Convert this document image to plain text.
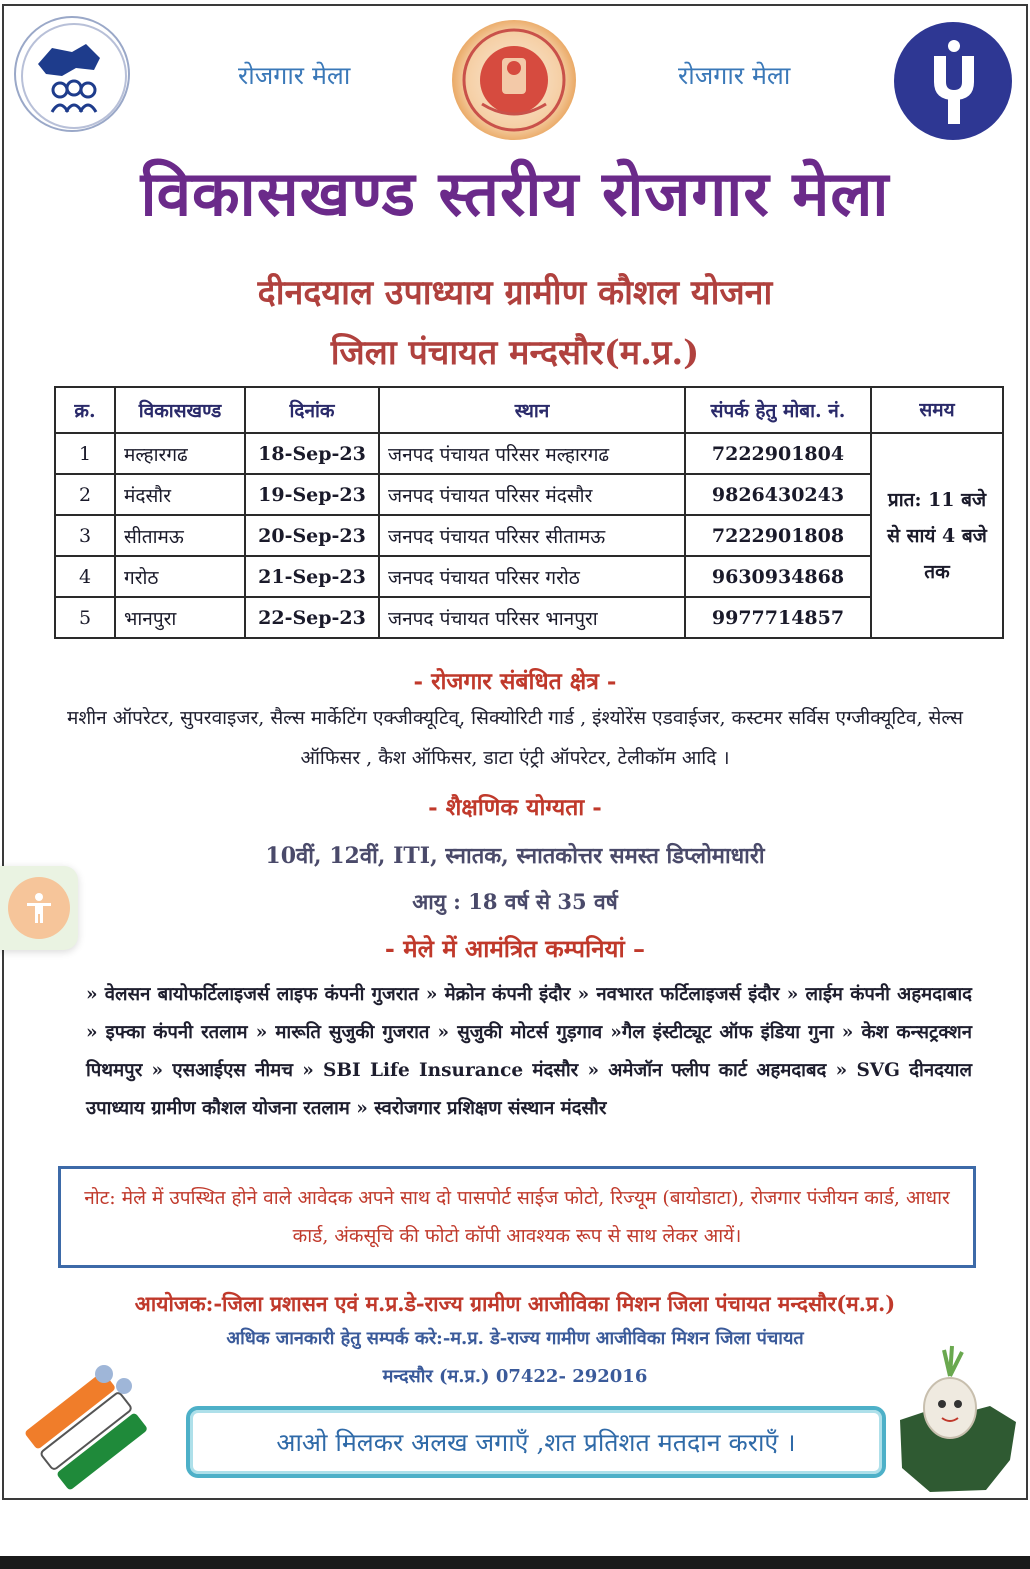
रोजगार मेला	रोजगार मेला
विकासखण्ड स्तरीय रोजगार मेला
दीनदयाल उपाध्याय ग्रामीण कौशल योजना
जिला पंचायत मन्दसौर(म.प्र.)
क्र.	विकासखण्ड	दिनांक	स्थान	संपर्क हेतु मोबा. नं.	समय
1	मल्हारगढ	18-Sep-23	जनपद पंचायत परिसर मल्हारगढ	7222901804	प्रात: 11 बजे से सायं 4 बजे तक
2	मंदसौर	19-Sep-23	जनपद पंचायत परिसर मंदसौर	9826430243	
3	सीतामऊ	20-Sep-23	जनपद पंचायत परिसर सीतामऊ	7222901808	
4	गरोठ	21-Sep-23	जनपद पंचायत परिसर गरोठ	9630934868	
5	भानपुरा	22-Sep-23	जनपद पंचायत परिसर भानपुरा	9977714857	
- रोजगार संबंधित क्षेत्र -
मशीन ऑपरेटर, सुपरवाइजर, सैल्स मार्केटिंग एक्जीक्यूटिव्, सिक्योरिटी गार्ड , इंश्योरेंस एडवाईजर, कस्टमर सर्विस एग्जीक्यूटिव, सेल्स ऑफिसर , कैश ऑफिसर, डाटा एंट्री ऑपरेटर, टेलीकॉम आदि ।
- शैक्षणिक योग्यता -
10वीं, 12वीं, ITI, स्नातक, स्नातकोत्तर समस्त डिप्लोमाधारी
आयु : 18 वर्ष से 35 वर्ष
- मेले में आमंत्रित कम्पनियां –
» वेलसन बायोफर्टिलाइजर्स लाइफ कंपनी गुजरात » मेक्रोन कंपनी इंदौर » नवभारत फर्टिलाइजर्स इंदौर » लाईम कंपनी अहमदाबाद » इफ्का कंपनी रतलाम » मारूति सुजुकी गुजरात » सुजुकी मोटर्स गुड़गाव »गैल इंस्टीट्यूट ऑफ इंडिया गुना » केश कन्सट्रक्शन पिथमपुर » एसआईएस नीमच » SBI Life Insurance मंदसौर » अमेजॉन फ्लीप कार्ट अहमदाबद » SVG दीनदयाल उपाध्याय ग्रामीण कौशल योजना रतलाम » स्वरोजगार प्रशिक्षण संस्थान मंदसौर
नोट: मेले में उपस्थित होने वाले आवेदक अपने साथ दो पासपोर्ट साईज फोटो, रिज्यूम (बायोडाटा), रोजगार पंजीयन कार्ड, आधार कार्ड, अंकसूचि की फोटो कॉपी आवश्यक रूप से साथ लेकर आयें।
आयोजक:-जिला प्रशासन एवं म.प्र.डे-राज्य ग्रामीण आजीविका मिशन जिला पंचायत मन्दसौर(म.प्र.)
अधिक जानकारी हेतु सम्पर्क करे:-म.प्र. डे-राज्य गामीण आजीविका मिशन जिला पंचायत
मन्दसौर (म.प्र.) 07422- 292016
आओ मिलकर अलख जगाएँ ,शत प्रतिशत मतदान कराएँ ।
